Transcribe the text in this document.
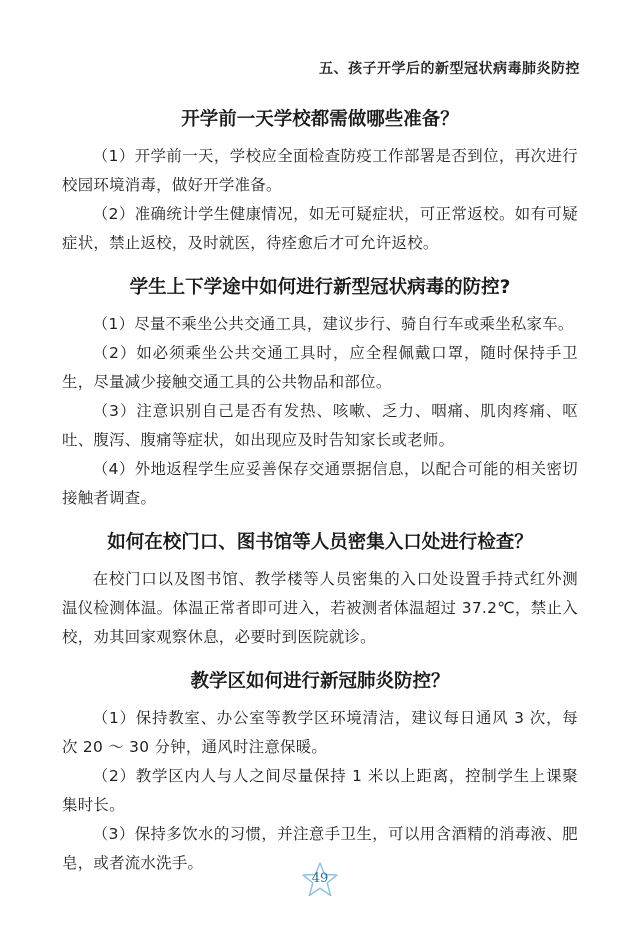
五、孩子开学后的新型冠状病毒肺炎防控
开学前一天学校都需做哪些准备？

（1）开学前一天，学校应全面检查防疫工作部署是否到位，再次进行校园环境消毒，做好开学准备。

（2）准确统计学生健康情况，如无可疑症状，可正常返校。如有可疑症状，禁止返校，及时就医，待痊愈后才可允许返校。

学生上下学途中如何进行新型冠状病毒的防控?

（1）尽量不乘坐公共交通工具，建议步行、骑自行车或乘坐私家车。

（2）如必须乘坐公共交通工具时，应全程佩戴口罩，随时保持手卫生，尽量减少接触交通工具的公共物品和部位。

（3）注意识别自己是否有发热、咳嗽、乏力、咽痛、肌肉疼痛、呕吐、腹泻、腹痛等症状，如出现应及时告知家长或老师。

（4）外地返程学生应妥善保存交通票据信息，以配合可能的相关密切接触者调查。

如何在校门口、图书馆等人员密集入口处进行检查？

在校门口以及图书馆、教学楼等人员密集的入口处设置手持式红外测温仪检测体温。体温正常者即可进入，若被测者体温超过 37.2℃，禁止入校，劝其回家观察休息，必要时到医院就诊。

教学区如何进行新冠肺炎防控？

（1）保持教室、办公室等教学区环境清洁，建议每日通风 3 次，每次 20 ～ 30 分钟，通风时注意保暖。

（2）教学区内人与人之间尽量保持 1 米以上距离，控制学生上课聚集时长。

（3）保持多饮水的习惯，并注意手卫生，可以用含酒精的消毒液、肥皂，或者流水洗手。

49
